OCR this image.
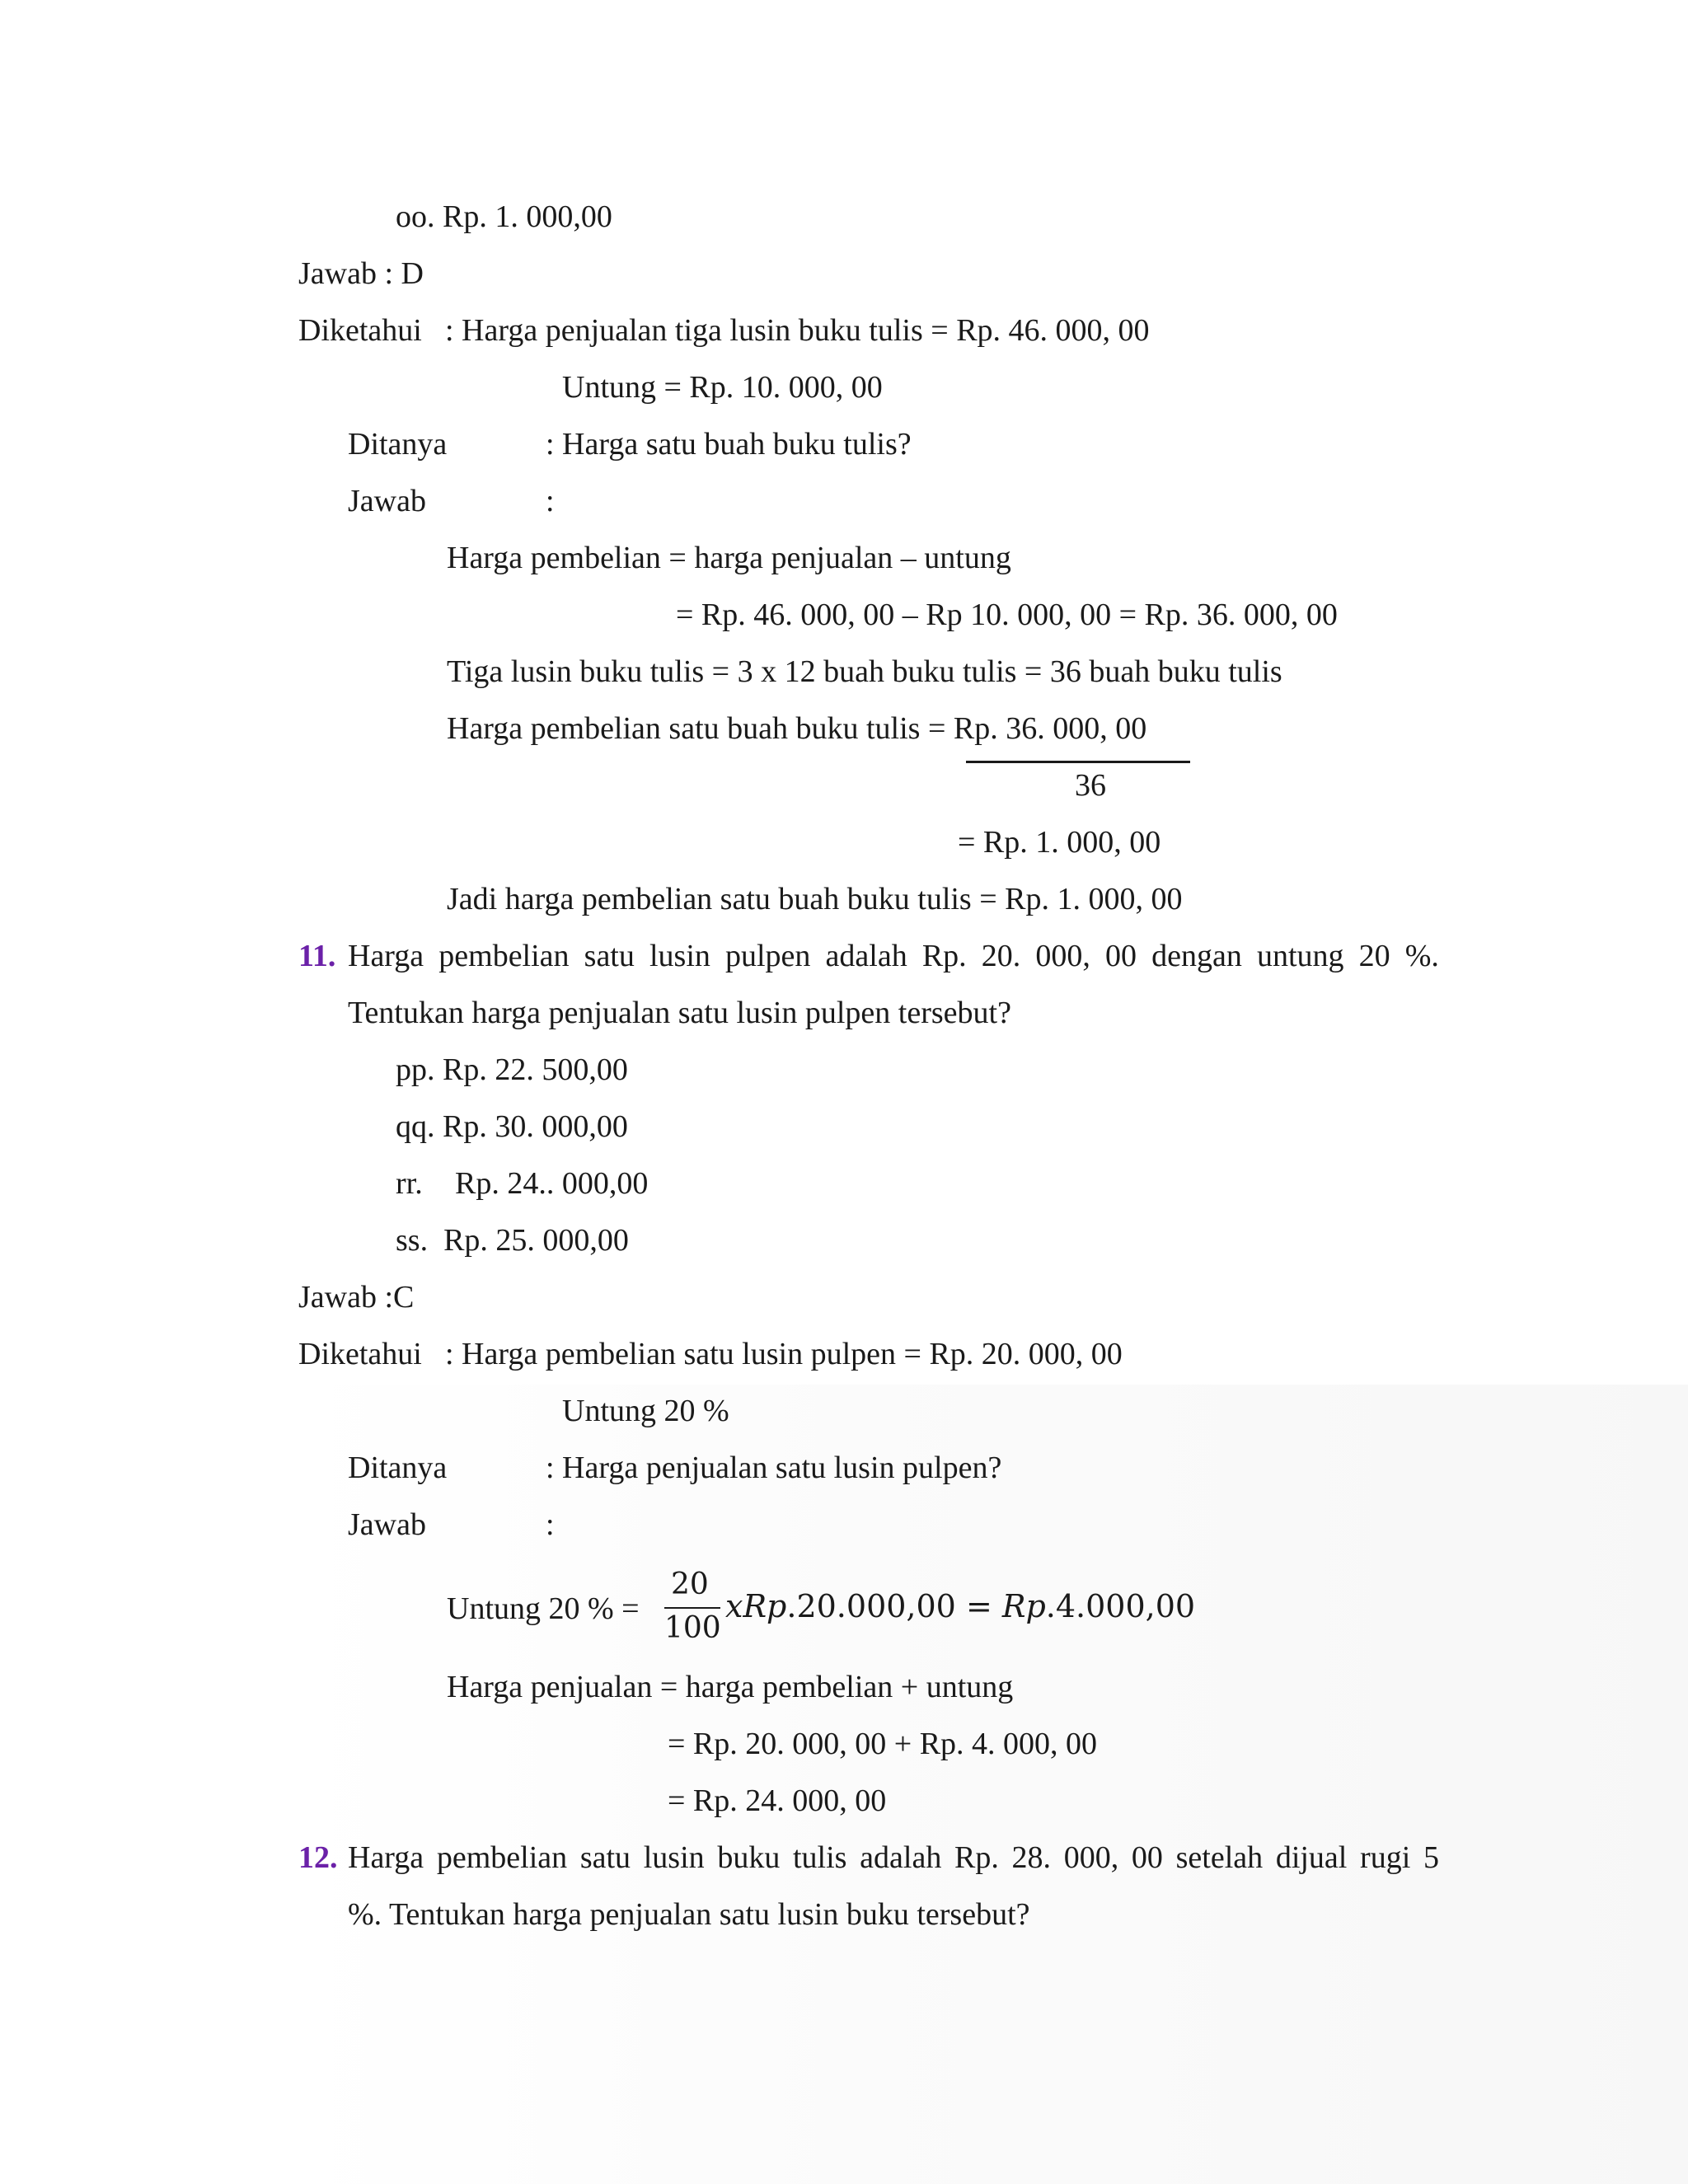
oo. Rp. 1. 000,00
Jawab : D
Diketahui : Harga penjualan tiga lusin buku tulis = Rp. 46. 000, 00
Untung = Rp. 10. 000, 00
Ditanya	: Harga satu buah buku tulis?
Jawab	:
Harga pembelian = harga penjualan – untung
= Rp. 46. 000, 00 – Rp 10. 000, 00 = Rp. 36. 000, 00
Tiga lusin buku tulis = 3 x 12 buah buku tulis = 36 buah buku tulis
Harga pembelian satu buah buku tulis = Rp. 36. 000, 00
36
= Rp. 1. 000, 00
Jadi harga pembelian satu buah buku tulis = Rp. 1. 000, 00
11. Harga pembelian satu lusin pulpen adalah Rp. 20. 000, 00 dengan untung 20 %.
Tentukan harga penjualan satu lusin pulpen tersebut?
pp. Rp. 22. 500,00
qq. Rp. 30. 000,00
rr. Rp. 24.. 000,00
ss.  Rp. 25. 000,00
Jawab :C
Diketahui : Harga pembelian satu lusin pulpen = Rp. 20. 000, 00
Untung 20 %
Ditanya	: Harga penjualan satu lusin pulpen?
Jawab	:
Untung 20 % =
20
100
xRp.20.000,00 = Rp.4.000,00
Harga penjualan = harga pembelian + untung
= Rp. 20. 000, 00 + Rp. 4. 000, 00
= Rp. 24. 000, 00
12. Harga pembelian satu lusin buku tulis adalah Rp. 28. 000, 00 setelah dijual rugi 5
%. Tentukan harga penjualan satu lusin buku tersebut?
